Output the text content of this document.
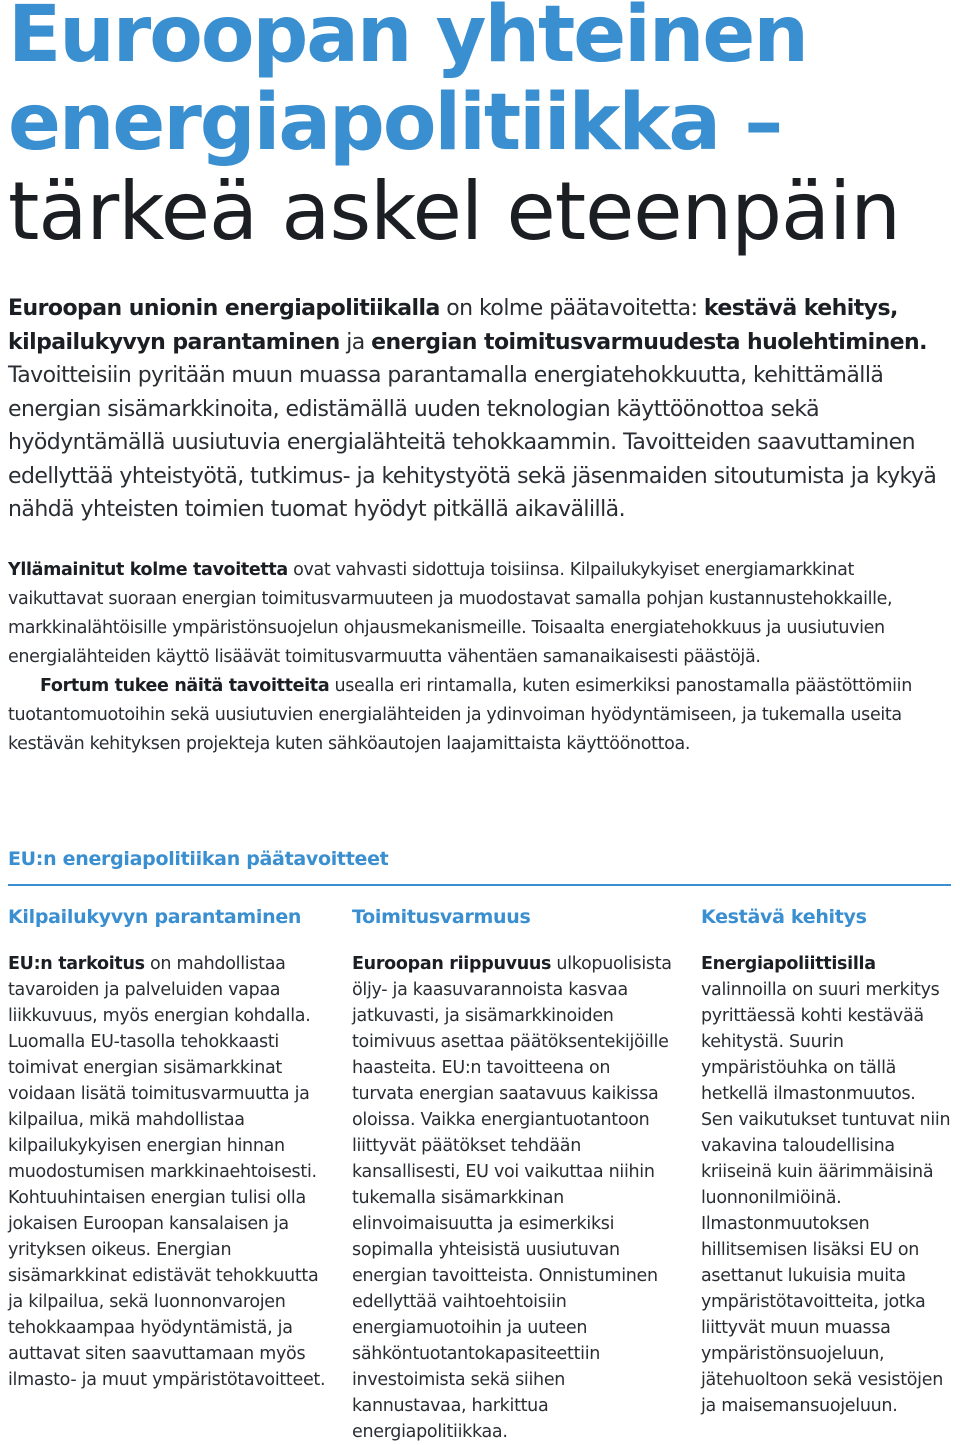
Euroopan yhteinen
energiapolitiikka –
tärkeä askel eteenpäin

Euroopan unionin energiapolitiikalla on kolme päätavoitetta: kestävä kehitys, kilpailukyvyn parantaminen ja energian toimitusvarmuudesta huolehtiminen. Tavoitteisiin pyritään muun muassa parantamalla energiatehokkuutta, kehittämällä energian sisämarkkinoita, edistämällä uuden teknologian käyttöönottoa sekä hyödyntämällä uusiutuvia energialähteitä tehokkaammin. Tavoitteiden saavuttaminen edellyttää yhteistyötä, tutkimus- ja kehitystyötä sekä jäsenmaiden sitoutumista ja kykyä nähdä yhteisten toimien tuomat hyödyt pitkällä aikavälillä.

Yllämainitut kolme tavoitetta ovat vahvasti sidottuja toisiinsa. Kilpailukykyiset energiamarkkinat vaikuttavat suoraan energian toimitusvarmuuteen ja muodostavat samalla pohjan kustannustehokkaille, markkinalähtöisille ympäristönsuojelun ohjausmekanismeille. Toisaalta energiatehokkuus ja uusiutuvien energialähteiden käyttö lisäävät toimitusvarmuutta vähentäen samanaikaisesti päästöjä.

Fortum tukee näitä tavoitteita usealla eri rintamalla, kuten esimerkiksi panostamalla päästöttömiin tuotantomuotoihin sekä uusiutuvien energialähteiden ja ydinvoiman hyödyntämiseen, ja tukemalla useita kestävän kehityksen projekteja kuten sähköautojen laajamittaista käyttöönottoa.

EU:n energiapolitiikan päätavoitteet
Kilpailukyvyn parantaminen

EU:n tarkoitus on mahdollistaa tavaroiden ja palveluiden vapaa liikkuvuus, myös energian kohdalla. Luomalla EU-tasolla tehokkaasti toimivat energian sisämarkkinat voidaan lisätä toimitusvarmuutta ja kilpailua, mikä mahdollistaa kilpailukykyisen energian hinnan muodostumisen markkinaehtoisesti. Kohtuuhintaisen energian tulisi olla jokaisen Euroopan kansalaisen ja yrityksen oikeus. Energian sisämarkkinat edistävät tehokkuutta ja kilpailua, sekä luonnonvarojen tehokkaampaa hyödyntämistä, ja auttavat siten saavuttamaan myös ilmasto- ja muut ympäristötavoitteet.

Toimitusvarmuus

Euroopan riippuvuus ulkopuolisista öljy- ja kaasuvarannoista kasvaa jatkuvasti, ja sisämarkkinoiden toimivuus asettaa päätöksentekijöille haasteita. EU:n tavoitteena on turvata energian saatavuus kaikissa oloissa. Vaikka energiantuotantoon liittyvät päätökset tehdään kansallisesti, EU voi vaikuttaa niihin tukemalla sisämarkkinan elinvoimaisuutta ja esimerkiksi sopimalla yhteisistä uusiutuvan energian tavoitteista. Onnistuminen edellyttää vaihtoehtoisiin energiamuotoihin ja uuteen sähköntuotantokapasiteettiin investoimista sekä siihen kannustavaa, harkittua energiapolitiikkaa.

Kestävä kehitys

Energiapoliittisilla valinnoilla on suuri merkitys pyrittäessä kohti kestävää kehitystä. Suurin ympäristöuhka on tällä hetkellä ilmastonmuutos. Sen vaikutukset tuntuvat niin vakavina taloudellisina kriiseinä kuin äärimmäisinä luonnonilmiöinä. Ilmastonmuutoksen hillitsemisen lisäksi EU on asettanut lukuisia muita ympäristötavoitteita, jotka liittyvät muun muassa ympäristönsuojeluun, jätehuoltoon sekä vesistöjen ja maisemansuojeluun.
